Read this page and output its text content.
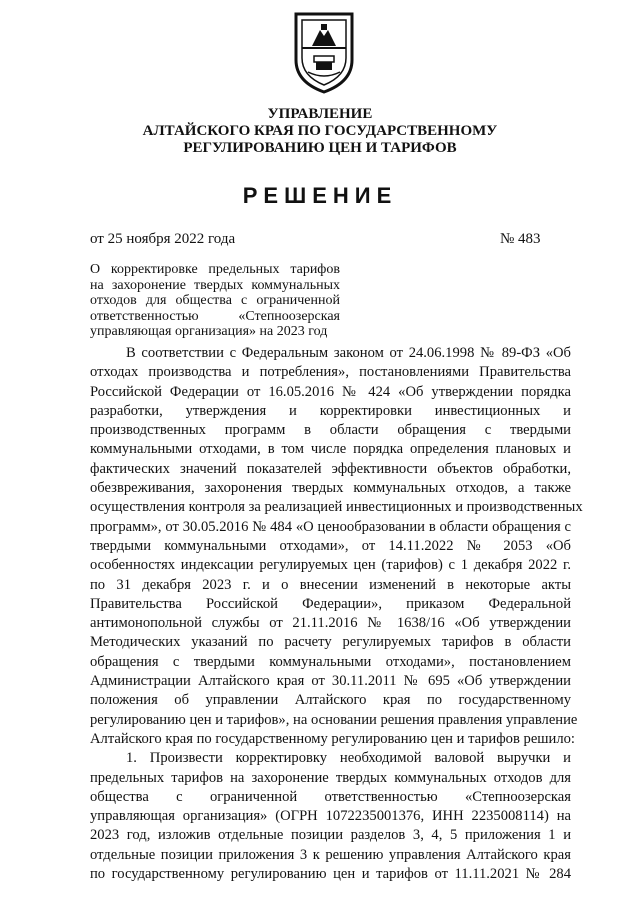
УПРАВЛЕНИЕ
АЛТАЙСКОГО КРАЯ ПО ГОСУДАРСТВЕННОМУ
РЕГУЛИРОВАНИЮ ЦЕН И ТАРИФОВ
РЕШЕНИЕ
от 25 ноября 2022 года	№ 483
О корректировке предельных тарифов
на захоронение твердых коммунальных
отходов для общества с ограниченной
ответственностью «Степноозерская
управляющая организация» на 2023 год
В соответствии с Федеральным законом от 24.06.1998 № 89-ФЗ «Об
отходах производства и потребления», постановлениями Правительства
Российской Федерации от 16.05.2016 № 424 «Об утверждении порядка
разработки, утверждения и корректировки инвестиционных и
производственных программ в области обращения с твердыми
коммунальными отходами, в том числе порядка определения плановых и
фактических значений показателей эффективности объектов обработки,
обезвреживания, захоронения твердых коммунальных отходов, а также
осуществления контроля за реализацией инвестиционных и производственных
программ», от 30.05.2016 № 484 «О ценообразовании в области обращения с
твердыми коммунальными отходами», от 14.11.2022 № 2053 «Об
особенностях индексации регулируемых цен (тарифов) с 1 декабря 2022 г.
по 31 декабря 2023 г. и о внесении изменений в некоторые акты
Правительства Российской Федерации», приказом Федеральной
антимонопольной службы от 21.11.2016 № 1638/16 «Об утверждении
Методических указаний по расчету регулируемых тарифов в области
обращения с твердыми коммунальными отходами», постановлением
Администрации Алтайского края от 30.11.2011 № 695 «Об утверждении
положения об управлении Алтайского края по государственному
регулированию цен и тарифов», на основании решения правления управление
Алтайского края по государственному регулированию цен и тарифов решило:
1. Произвести корректировку необходимой валовой выручки и
предельных тарифов на захоронение твердых коммунальных отходов для
общества с ограниченной ответственностью «Степноозерская
управляющая организация» (ОГРН 1072235001376, ИНН 2235008114) на
2023 год, изложив отдельные позиции разделов 3, 4, 5 приложения 1 и
отдельные позиции приложения 3 к решению управления Алтайского края
по государственному регулированию цен и тарифов от 11.11.2021 № 284
